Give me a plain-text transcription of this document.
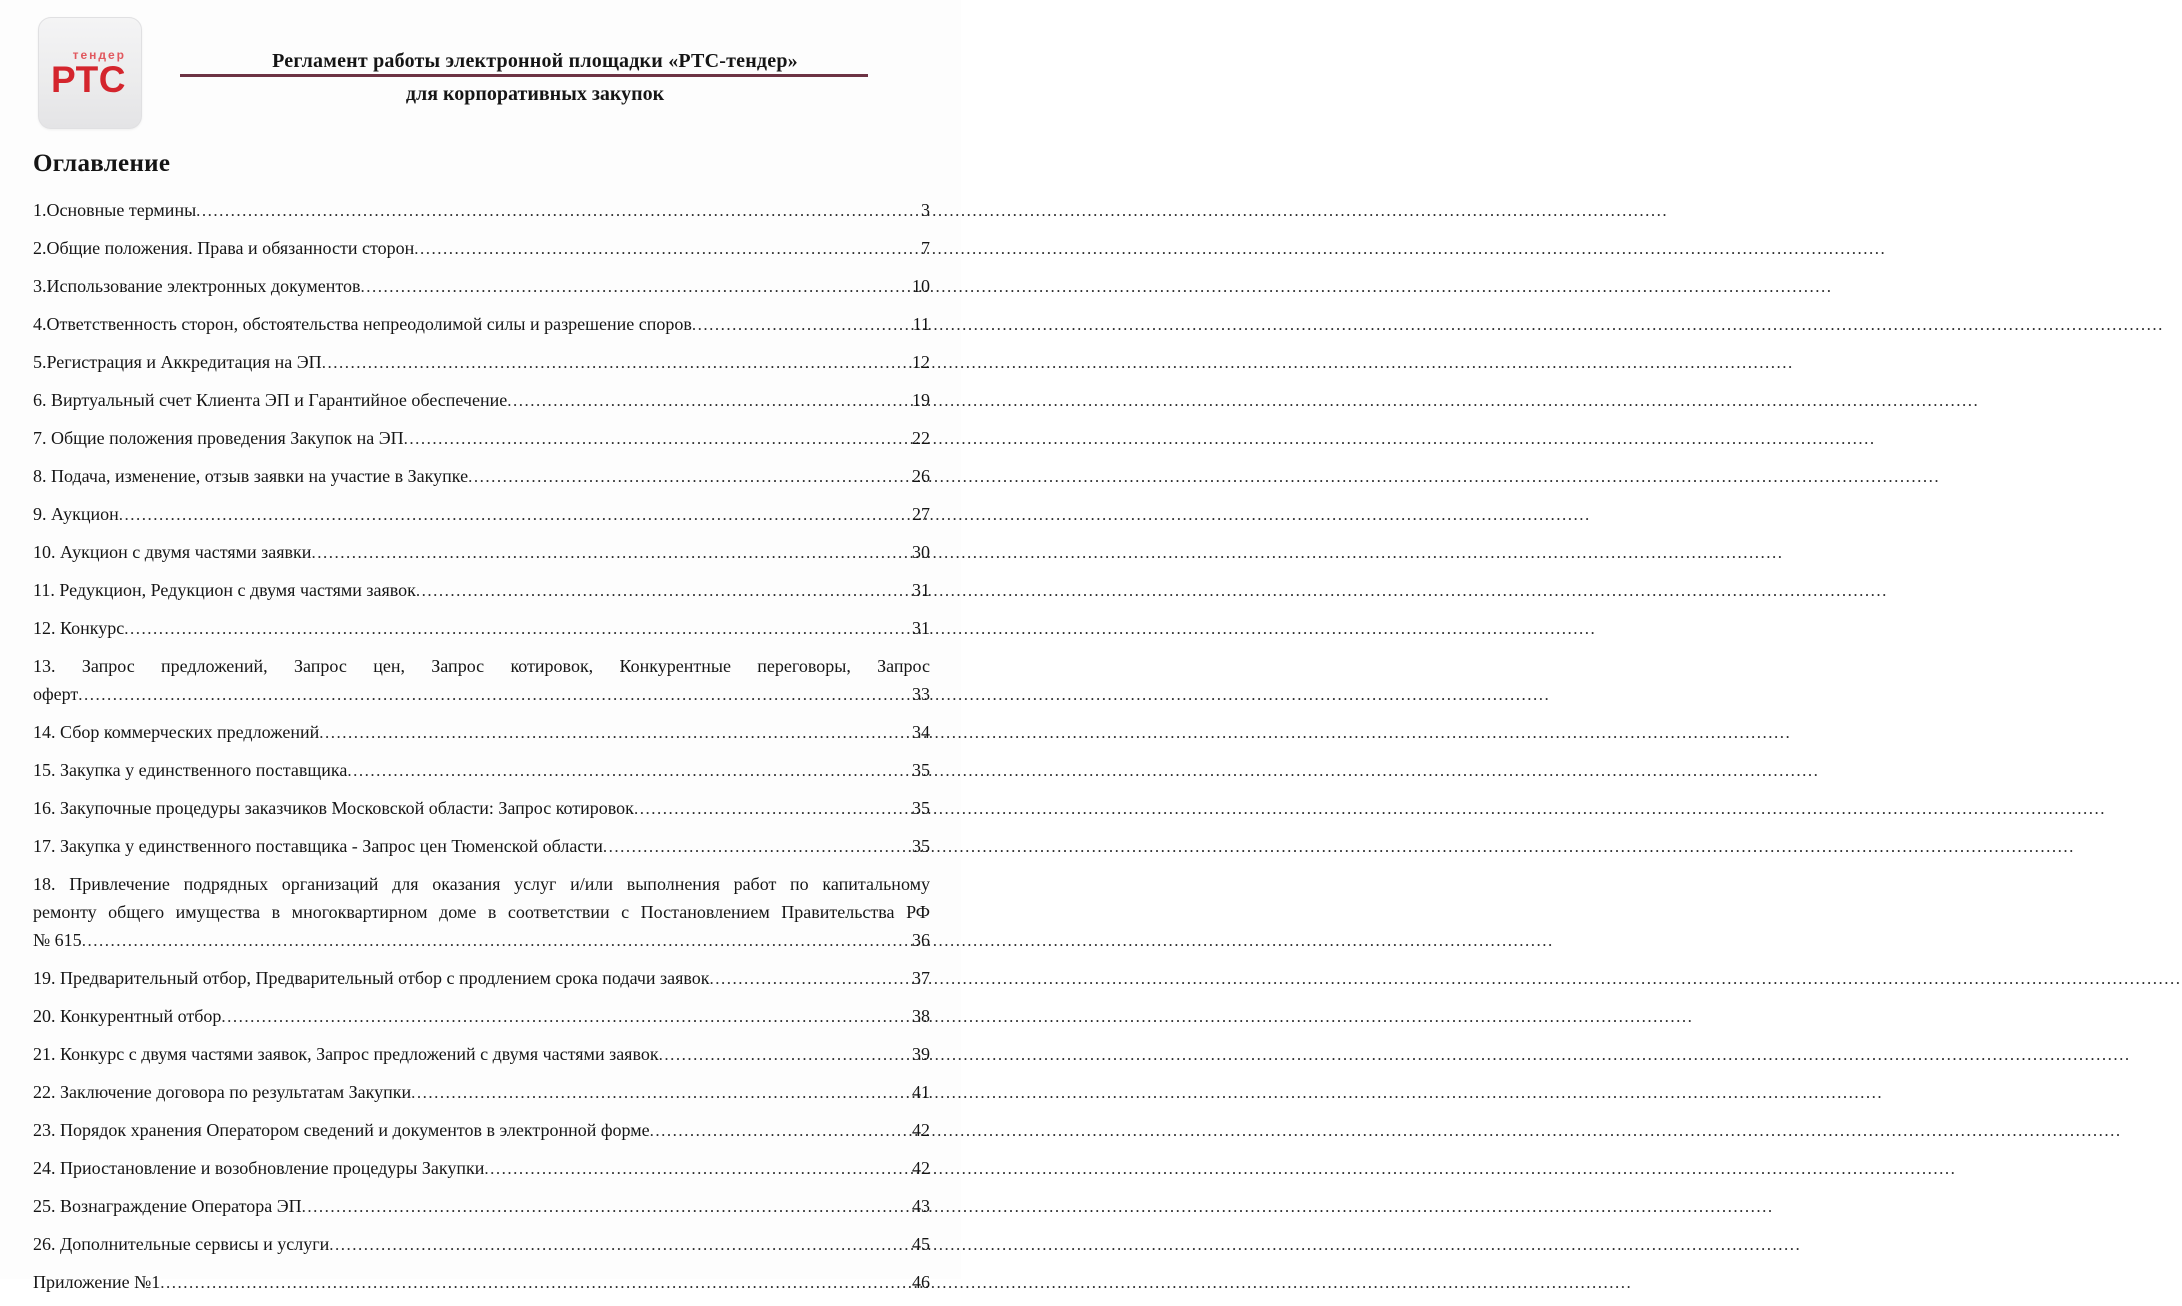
тендер
РТС	Регламент работы электронной площадки «РТС-тендер»
для корпоративных закупок
Оглавление
1.Основные термины .....	3
2.Общие положения. Права и обязанности сторон .....	7
3.Использование электронных документов .....	10
4.Ответственность сторон, обстоятельства непреодолимой силы и разрешение споров .....	11
5.Регистрация и Аккредитация на ЭП .....	12
6. Виртуальный счет Клиента ЭП и Гарантийное обеспечение .....	19
7. Общие положения проведения Закупок на ЭП .....	22
8. Подача, изменение, отзыв заявки на участие в Закупке .....	26
9. Аукцион .....	27
10. Аукцион с двумя частями заявки .....	30
11. Редукцион, Редукцион с двумя частями заявок .....	31
12. Конкурс .....	31
13. Запрос предложений, Запрос цен, Запрос котировок, Конкурентные переговоры, Запрос
оферт .....	33
14. Сбор коммерческих предложений .....	34
15. Закупка у единственного поставщика .....	35
16. Закупочные процедуры заказчиков Московской области: Запрос котировок .....	35
17. Закупка у единственного поставщика - Запрос цен Тюменской области .....	35
18. Привлечение подрядных организаций для оказания услуг и/или выполнения работ по капитальному
ремонту общего имущества в многоквартирном доме в соответствии с Постановлением Правительства РФ
№ 615 .....	36
19. Предварительный отбор, Предварительный отбор с продлением срока подачи заявок .....	37
20. Конкурентный отбор .....	38
21. Конкурс с двумя частями заявок, Запрос предложений с двумя частями заявок .....	39
22. Заключение договора по результатам Закупки .....	41
23. Порядок хранения Оператором сведений и документов в электронной форме .....	42
24. Приостановление и возобновление процедуры Закупки .....	42
25. Вознаграждение Оператора ЭП .....	43
26. Дополнительные сервисы и услуги .....	45
Приложение №1 .....	46
